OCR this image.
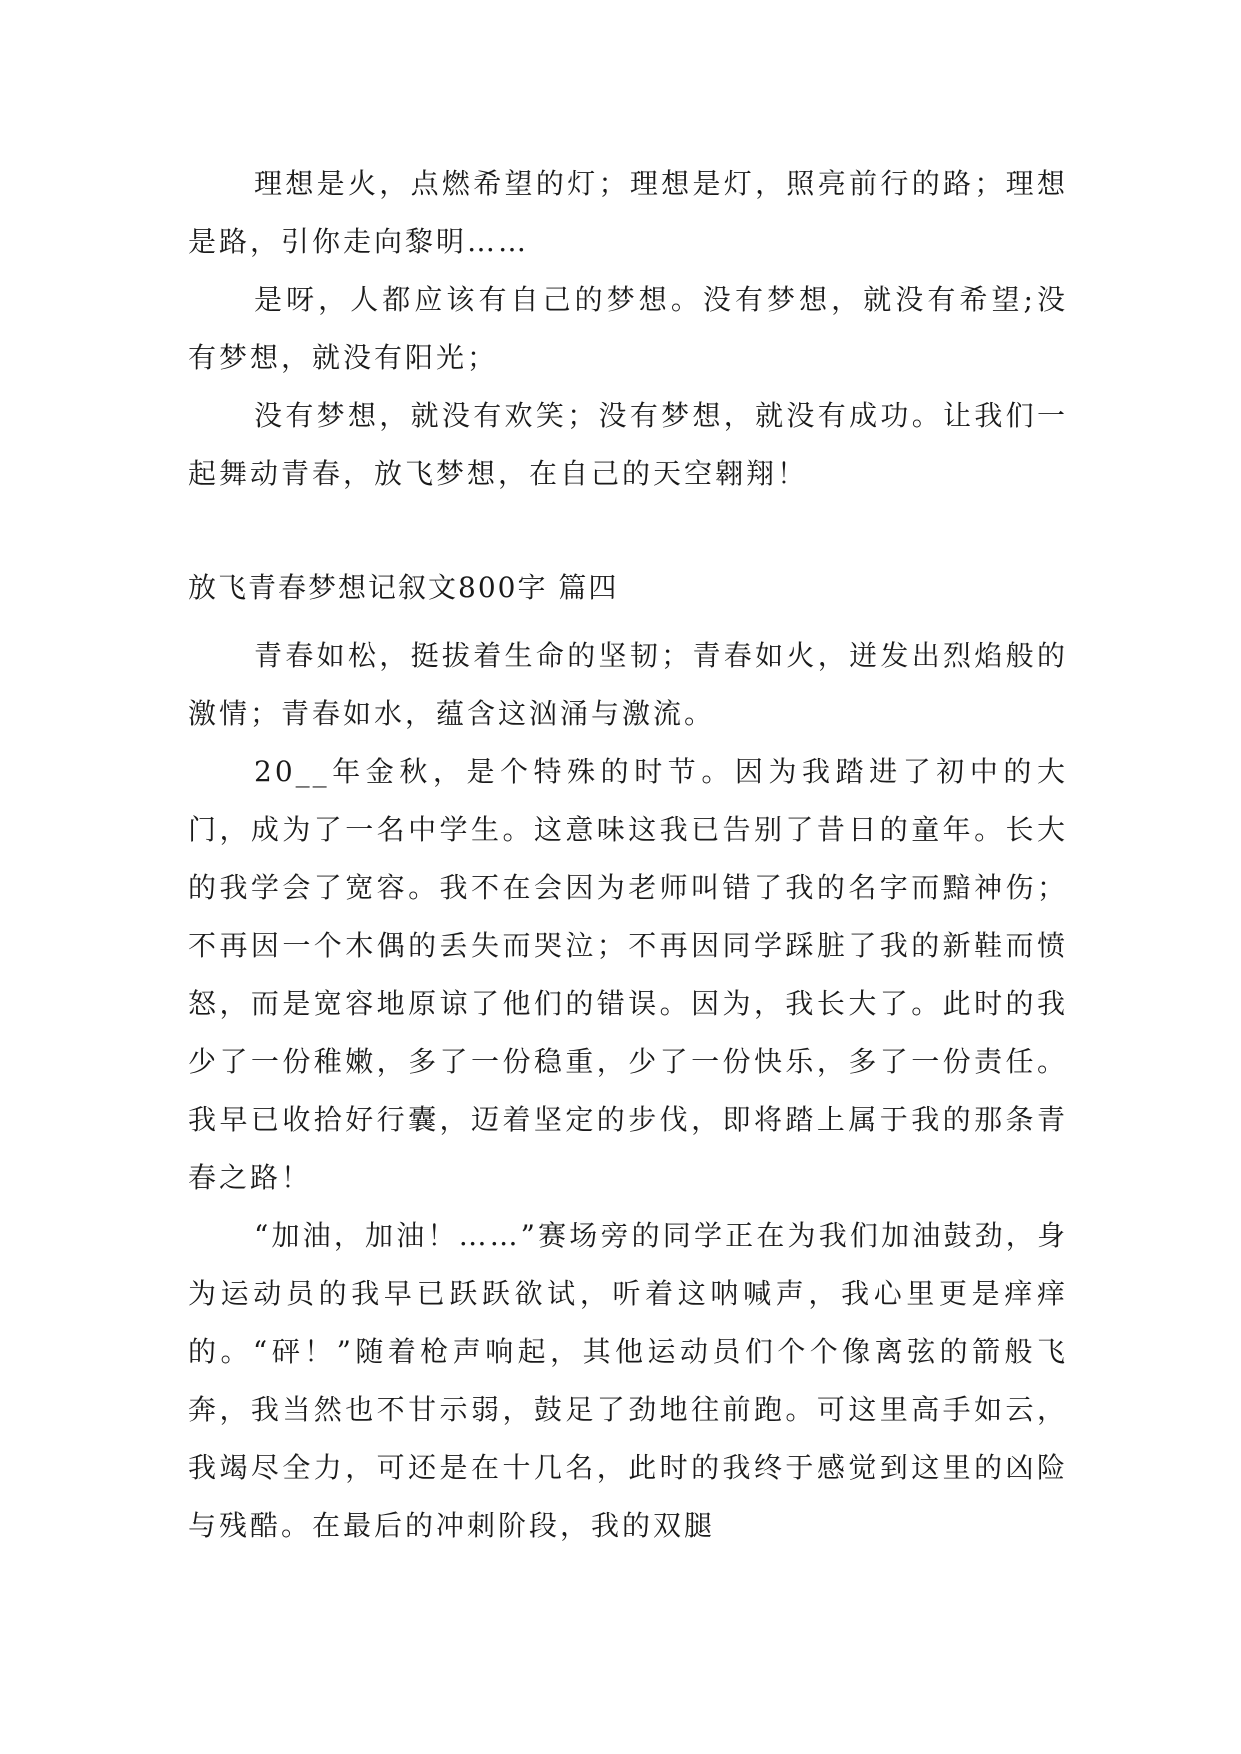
理想是火，点燃希望的灯；理想是灯，照亮前行的路；理想是路，引你走向黎明……

是呀，人都应该有自己的梦想。没有梦想，就没有希望;没有梦想，就没有阳光；

没有梦想，就没有欢笑；没有梦想，就没有成功。让我们一起舞动青春，放飞梦想，在自己的天空翱翔！

放飞青春梦想记叙文800字 篇四

青春如松，挺拔着生命的坚韧；青春如火，迸发出烈焰般的激情；青春如水，蕴含这汹涌与激流。

20__年金秋，是个特殊的时节。因为我踏进了初中的大门，成为了一名中学生。这意味这我已告别了昔日的童年。长大的我学会了宽容。我不在会因为老师叫错了我的名字而黯神伤；不再因一个木偶的丢失而哭泣；不再因同学踩脏了我的新鞋而愤怒，而是宽容地原谅了他们的错误。因为，我长大了。此时的我少了一份稚嫩，多了一份稳重，少了一份快乐，多了一份责任。我早已收拾好行囊，迈着坚定的步伐，即将踏上属于我的那条青春之路！

“加油，加油！……”赛场旁的同学正在为我们加油鼓劲，身为运动员的我早已跃跃欲试，听着这呐喊声，我心里更是痒痒的。“砰！”随着枪声响起，其他运动员们个个像离弦的箭般飞奔，我当然也不甘示弱，鼓足了劲地往前跑。可这里高手如云，我竭尽全力，可还是在十几名，此时的我终于感觉到这里的凶险与残酷。在最后的冲刺阶段，我的双腿
